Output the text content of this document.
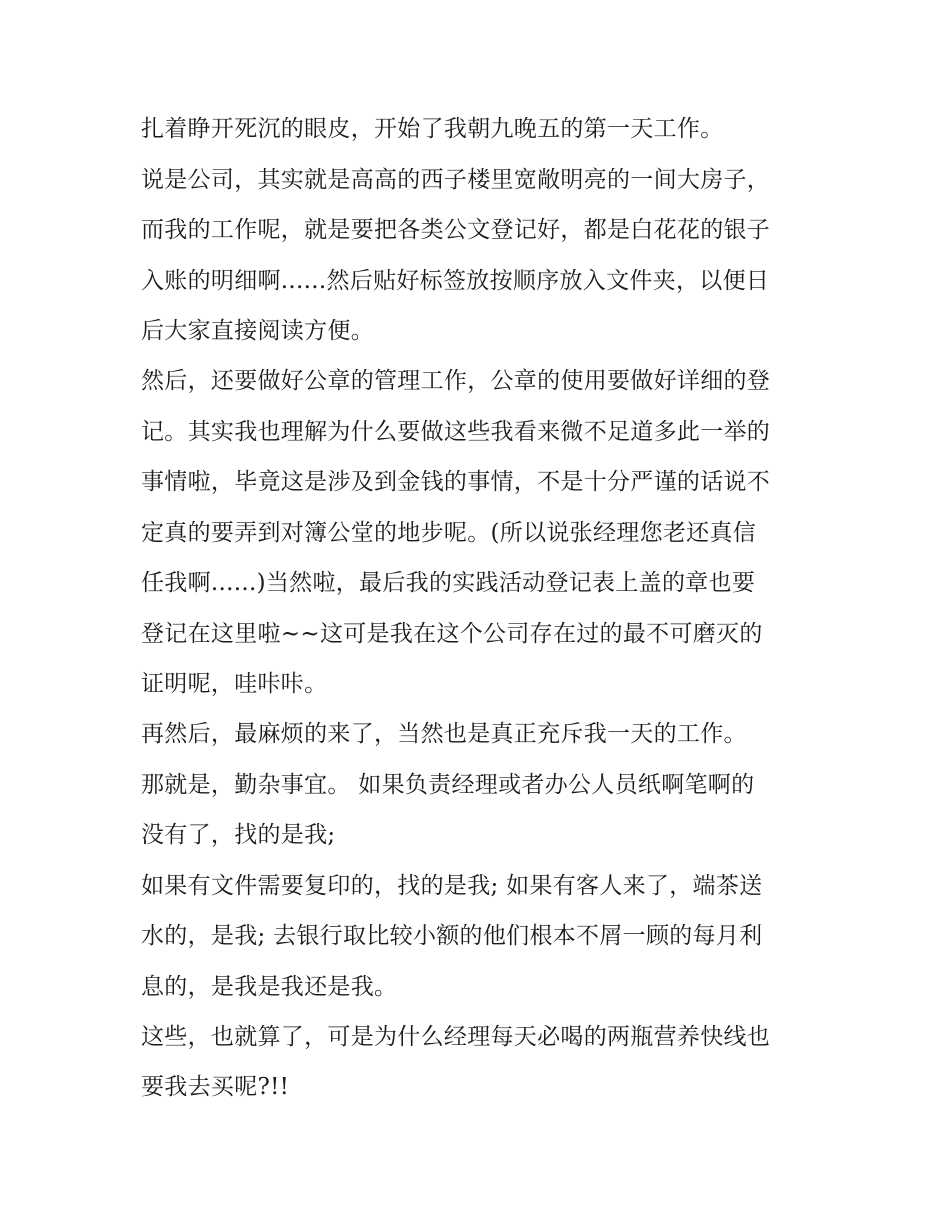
扎着睁开死沉的眼皮，开始了我朝九晚五的第一天工作。
说是公司，其实就是高高的西子楼里宽敞明亮的一间大房子，
而我的工作呢，就是要把各类公文登记好，都是白花花的银子
入账的明细啊......然后贴好标签放按顺序放入文件夹，以便日
后大家直接阅读方便。
然后，还要做好公章的管理工作，公章的使用要做好详细的登
记。其实我也理解为什么要做这些我看来微不足道多此一举的
事情啦，毕竟这是涉及到金钱的事情，不是十分严谨的话说不
定真的要弄到对簿公堂的地步呢。(所以说张经理您老还真信
任我啊......)当然啦，最后我的实践活动登记表上盖的章也要
登记在这里啦~~这可是我在这个公司存在过的最不可磨灭的
证明呢，哇咔咔。
再然后，最麻烦的来了，当然也是真正充斥我一天的工作。
那就是，勤杂事宜。 如果负责经理或者办公人员纸啊笔啊的
没有了，找的是我;
如果有文件需要复印的，找的是我; 如果有客人来了，端茶送
水的，是我; 去银行取比较小额的他们根本不屑一顾的每月利
息的，是我是我还是我。
这些，也就算了，可是为什么经理每天必喝的两瓶营养快线也
要我去买呢?!!
